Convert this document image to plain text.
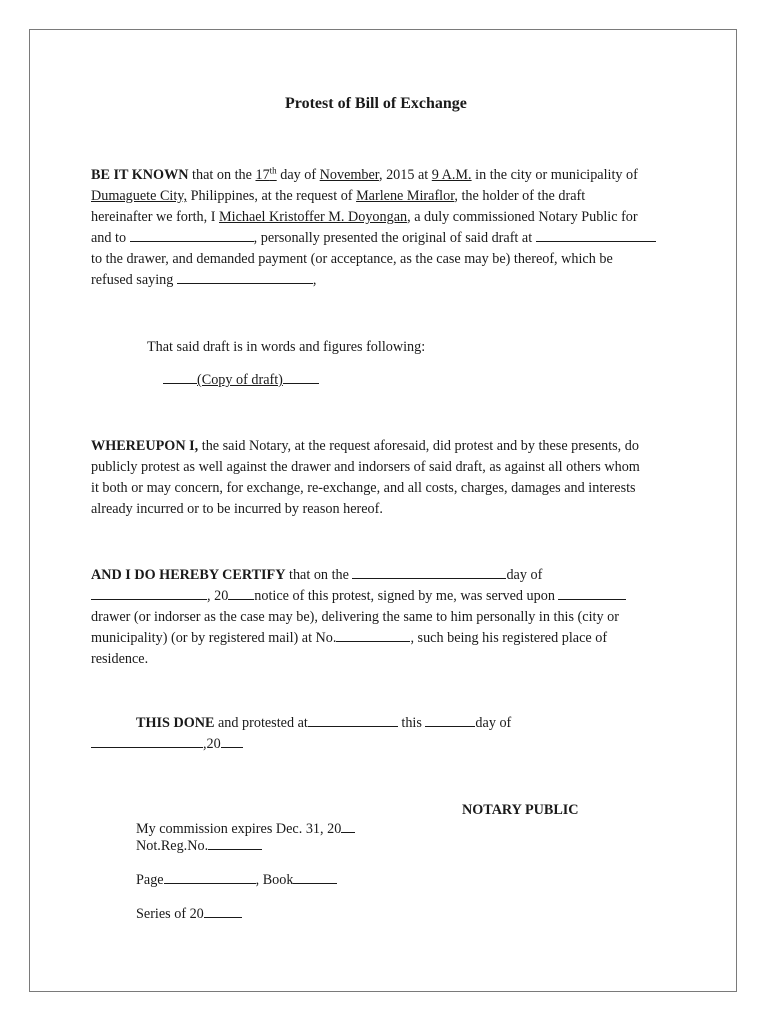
Protest of Bill of Exchange
BE IT KNOWN that on the 17th day of November, 2015 at 9 A.M. in the city or municipality of
Dumaguete City, Philippines, at the request of Marlene Miraflor, the holder of the draft
hereinafter we forth, I Michael Kristoffer M. Doyongan, a duly commissioned Notary Public for
and to	, personally presented the original of said draft at
to the drawer, and demanded payment (or acceptance, as the case may be) thereof, which be
refused saying	,
That said draft is in words and figures following:
(Copy of draft)
WHEREUPON I, the said Notary, at the request aforesaid, did protest and by these presents, do
publicly protest as well against the drawer and indorsers of said draft, as against all others whom
it both or may concern, for exchange, re-exchange, and all costs, charges, damages and interests
already incurred or to be incurred by reason hereof.
AND I DO HEREBY CERTIFY that on the	day of
, 20 notice of this protest, signed by me, was served upon
drawer (or indorser as the case may be), delivering the same to him personally in this (city or
municipality) (or by registered mail) at No.	, such being his registered place of
residence.
THIS DONE and protested at	this	day of
,20
NOTARY PUBLIC
My commission expires Dec. 31, 20
Not.Reg.No.
Page	, Book
Series of 20
